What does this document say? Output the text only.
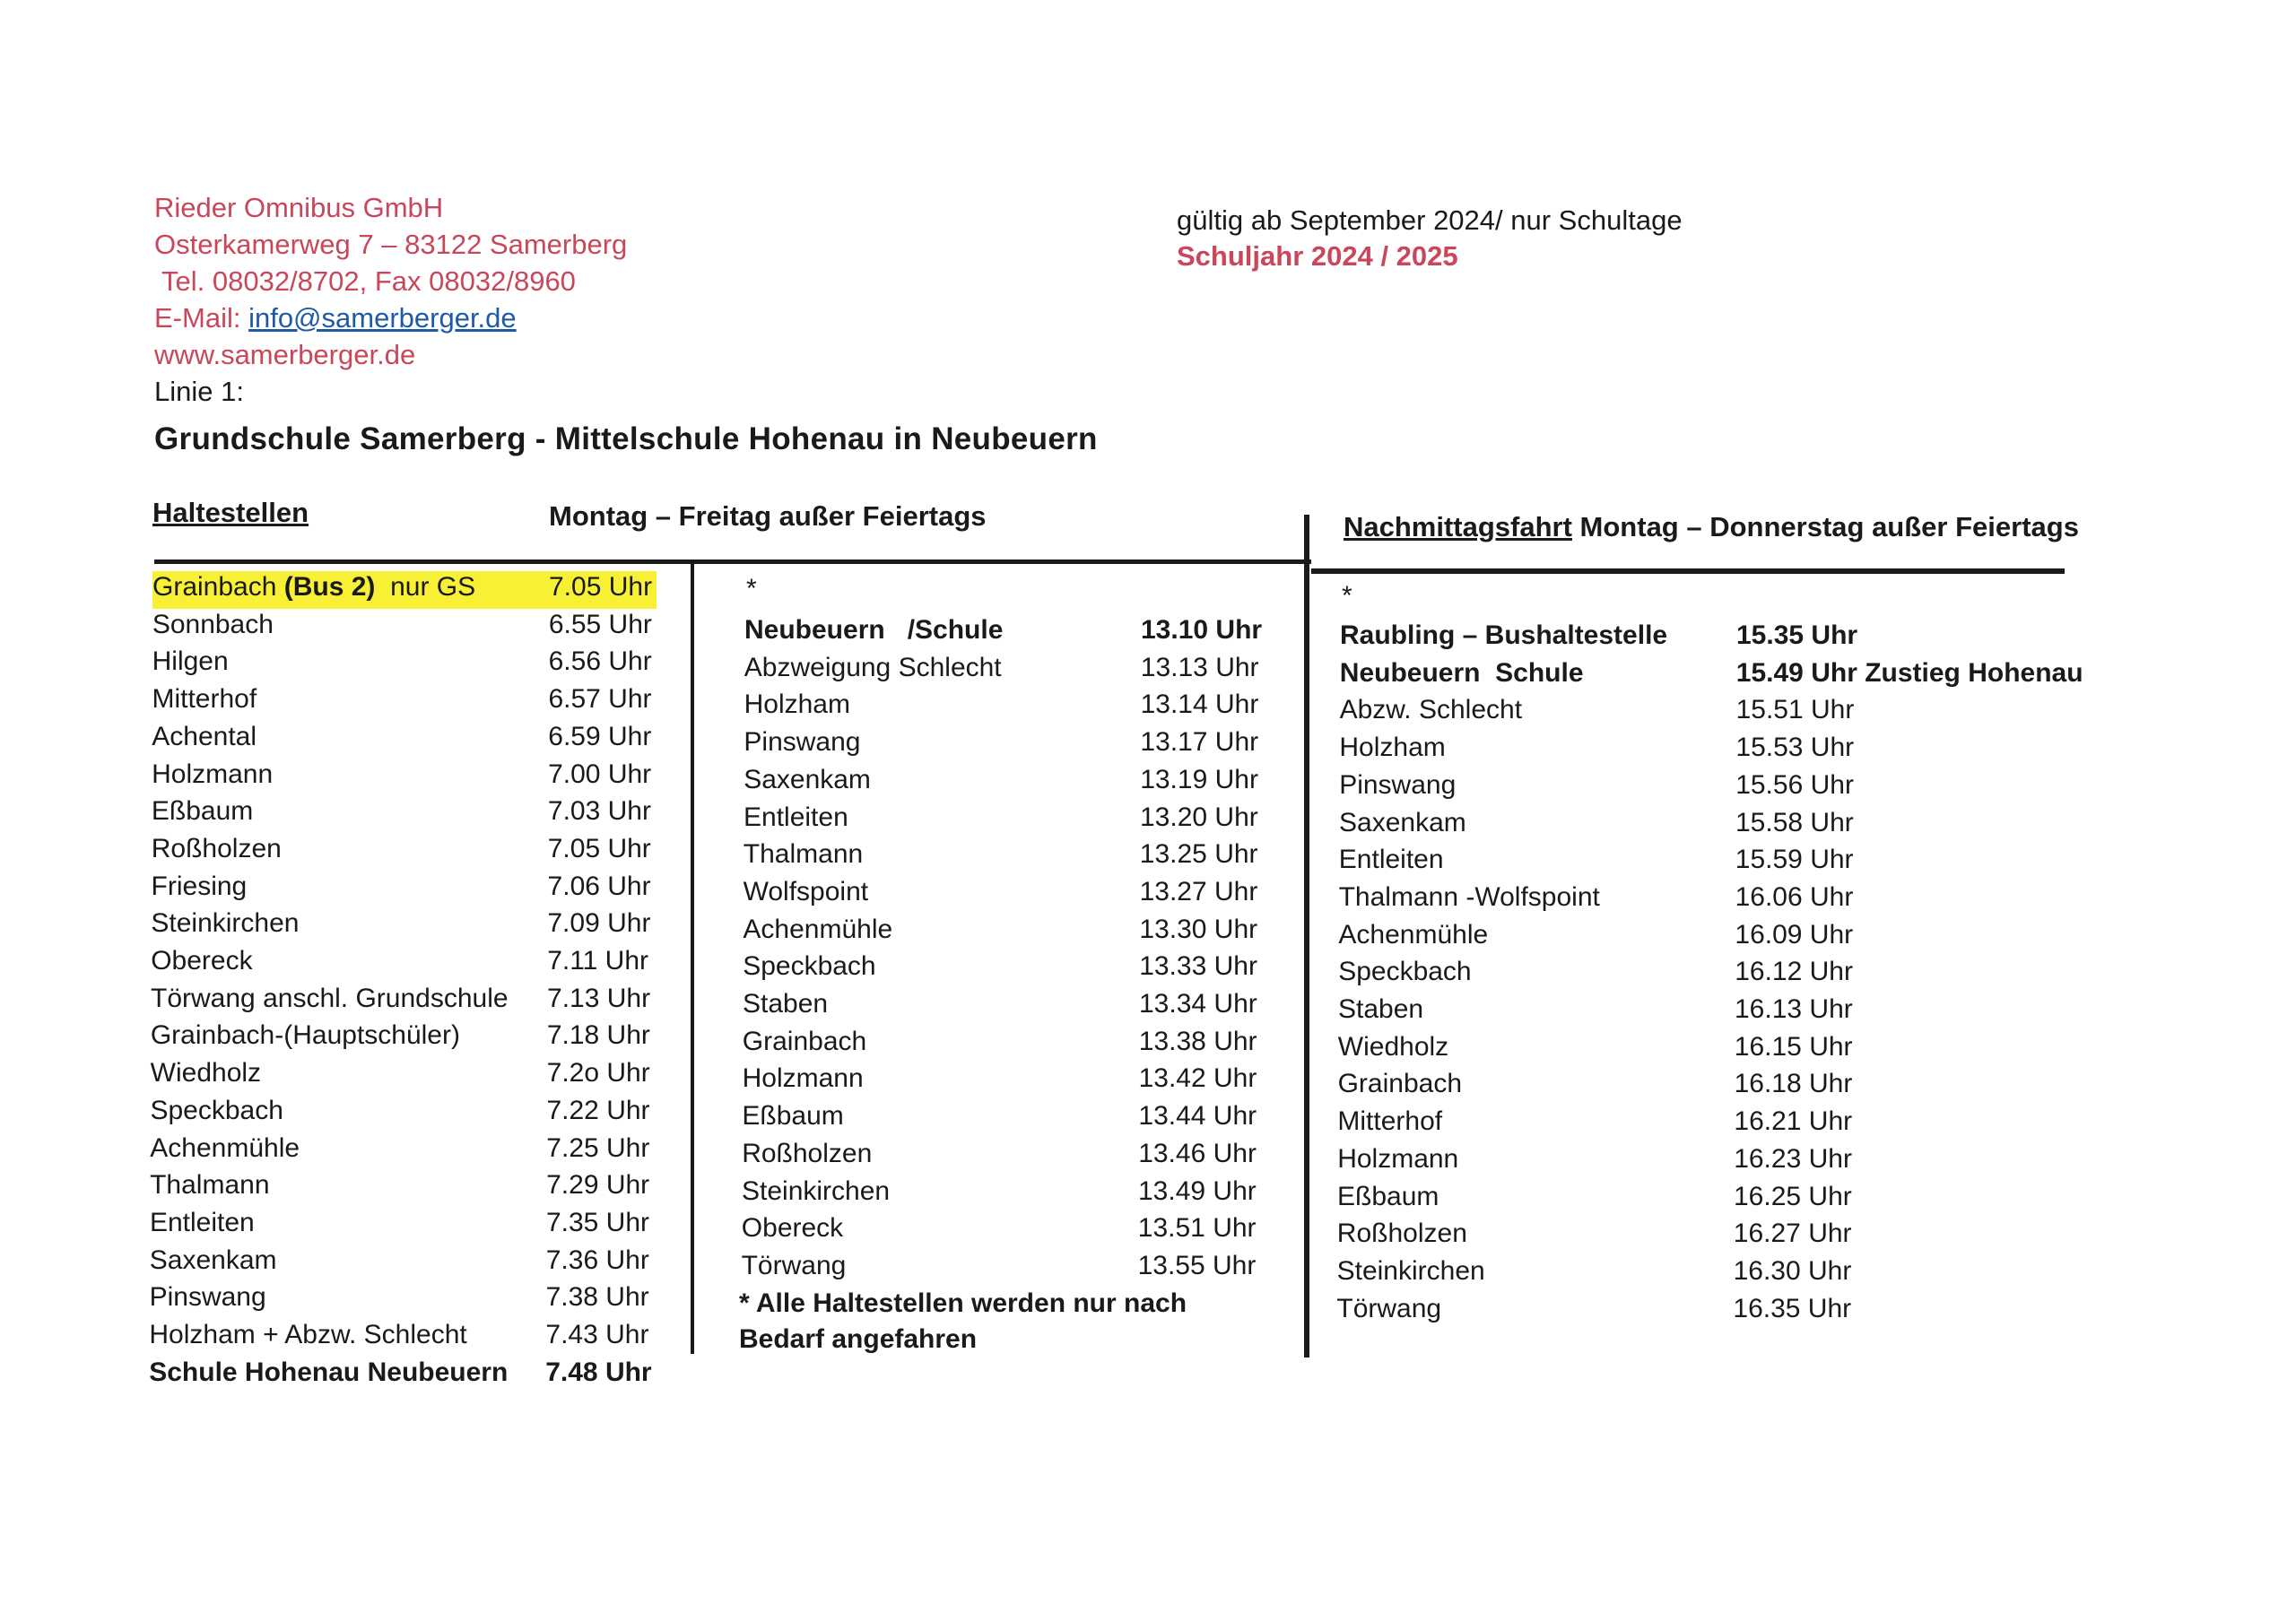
Rieder Omnibus GmbH
Osterkamerweg 7 – 83122 Samerberg
Tel. 08032/8702, Fax 08032/8960
E-Mail: info@samerberger.de
www.samerberger.de
Linie 1:
gültig ab September 2024/ nur Schultage
Schuljahr 2024 / 2025
Grundschule Samerberg - Mittelschule Hohenau in Neubeuern
Haltestellen	Montag – Freitag außer Feiertags	Nachmittagsfahrt Montag – Donnerstag außer Feiertags
Grainbach (Bus 2)  nur GS	7.05 Uhr
Sonnbach	6.55 Uhr
Hilgen	6.56 Uhr
Mitterhof	6.57 Uhr
Achental	6.59 Uhr
Holzmann	7.00 Uhr
Eßbaum	7.03 Uhr
Roßholzen	7.05 Uhr
Friesing	7.06 Uhr
Steinkirchen	7.09 Uhr
Obereck	7.11 Uhr
Törwang anschl. Grundschule 7.13 Uhr
Grainbach-(Hauptschüler)	7.18 Uhr
Wiedholz	7.2o Uhr
Speckbach	7.22 Uhr
Achenmühle	7.25 Uhr
Thalmann	7.29 Uhr
Entleiten	7.35 Uhr
Saxenkam	7.36 Uhr
Pinswang	7.38 Uhr
Holzham + Abzw. Schlecht	7.43 Uhr
Schule Hohenau Neubeuern 7.48 Uhr
*
Neubeuern   /Schule	13.10 Uhr
Abzweigung Schlecht	13.13 Uhr
Holzham	13.14 Uhr
Pinswang	13.17 Uhr
Saxenkam	13.19 Uhr
Entleiten	13.20 Uhr
Thalmann	13.25 Uhr
Wolfspoint	13.27 Uhr
Achenmühle	13.30 Uhr
Speckbach	13.33 Uhr
Staben	13.34 Uhr
Grainbach	13.38 Uhr
Holzmann	13.42 Uhr
Eßbaum	13.44 Uhr
Roßholzen	13.46 Uhr
Steinkirchen	13.49 Uhr
Obereck	13.51 Uhr
Törwang	13.55 Uhr
* Alle Haltestellen werden nur nach
Bedarf angefahren
*
Raubling – Bushaltestelle	15.35 Uhr
Neubeuern  Schule	15.49 Uhr Zustieg Hohenau
Abzw. Schlecht	15.51 Uhr
Holzham	15.53 Uhr
Pinswang	15.56 Uhr
Saxenkam	15.58 Uhr
Entleiten	15.59 Uhr
Thalmann -Wolfspoint	16.06 Uhr
Achenmühle	16.09 Uhr
Speckbach	16.12 Uhr
Staben	16.13 Uhr
Wiedholz	16.15 Uhr
Grainbach	16.18 Uhr
Mitterhof	16.21 Uhr
Holzmann	16.23 Uhr
Eßbaum	16.25 Uhr
Roßholzen	16.27 Uhr
Steinkirchen	16.30 Uhr
Törwang	16.35 Uhr
